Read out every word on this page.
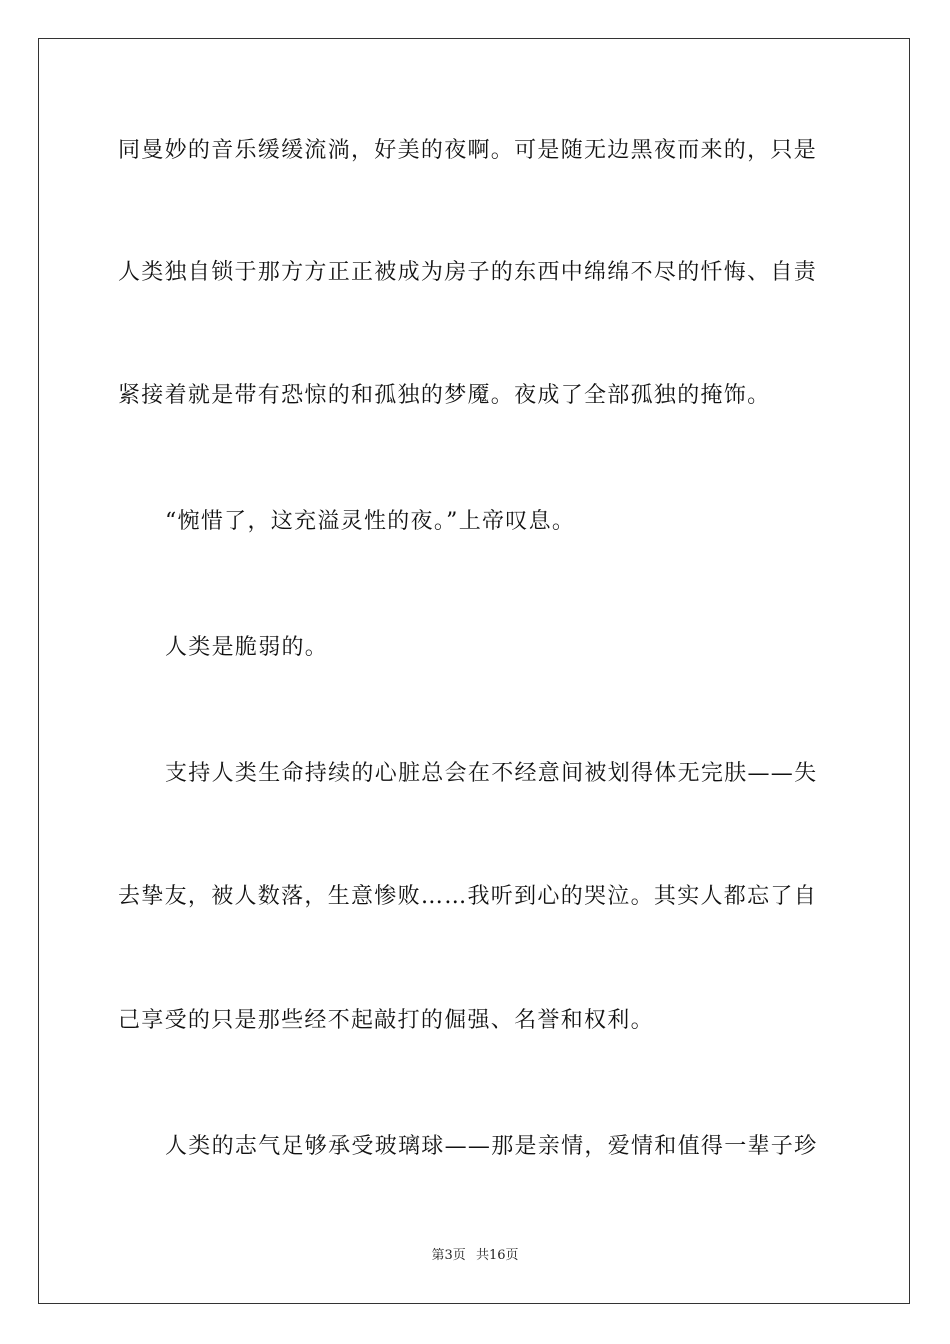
同曼妙的音乐缓缓流淌，好美的夜啊。可是随无边黑夜而来的，只是
人类独自锁于那方方正正被成为房子的东西中绵绵不尽的忏悔、自责
紧接着就是带有恐惊的和孤独的梦魇。夜成了全部孤独的掩饰。
“惋惜了，这充溢灵性的夜。”上帝叹息。
人类是脆弱的。
支持人类生命持续的心脏总会在不经意间被划得体无完肤——失
去挚友，被人数落，生意惨败……我听到心的哭泣。其实人都忘了自
己享受的只是那些经不起敲打的倔强、名誉和权利。
人类的志气足够承受玻璃球——那是亲情，爱情和值得一辈子珍
第3页 共16页
